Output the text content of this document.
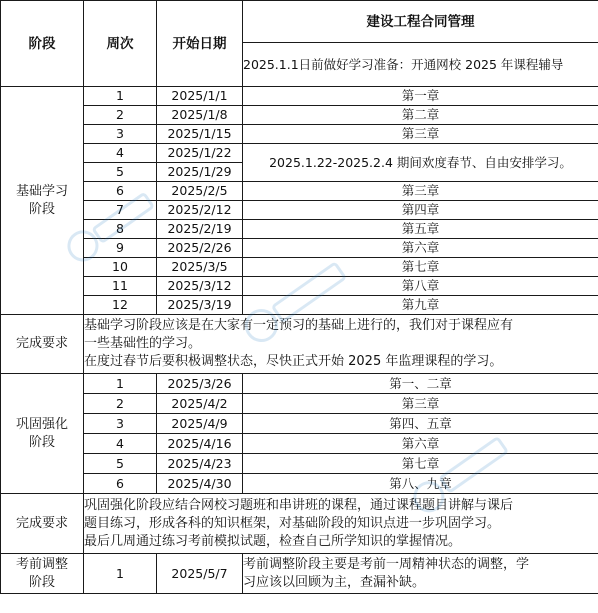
阶段	周次	开始日期	建设工程合同管理
			2025.1.1日前做好学习准备：开通网校 2025 年课程辅导

基础学习
阶段	1	2025/1/1	第一章
	2	2025/1/8	第二章
	3	2025/1/15	第三章
	4	2025/1/22	2025.1.22-2025.2.4 期间欢度春节、自由安排学习。
	5	2025/1/29	
	6	2025/2/5	第三章
	7	2025/2/12	第四章
	8	2025/2/19	第五章
	9	2025/2/26	第六章
	10	2025/3/5	第七章
	11	2025/3/12	第八章
	12	2025/3/19	第九章
完成要求	基础学习阶段应该是在大家有一定预习的基础上进行的，我们对于课程应有
一些基础性的学习。
在度过春节后要积极调整状态，尽快正式开始 2025 年监理课程的学习。		

巩固强化
阶段	1	2025/3/26	第一、二章
	2	2025/4/2	第三章
	3	2025/4/9	第四、五章
	4	2025/4/16	第六章
	5	2025/4/23	第七章
	6	2025/4/30	第八、九章
完成要求	巩固强化阶段应结合网校习题班和串讲班的课程，通过课程题目讲解与课后
题目练习，形成各科的知识框架，对基础阶段的知识点进一步巩固学习。
最后几周通过练习考前模拟试题，检查自己所学知识的掌握情况。		

考前调整
阶段	1	2025/5/7	考前调整阶段主要是考前一周精神状态的调整，学
习应该以回顾为主，查漏补缺。
